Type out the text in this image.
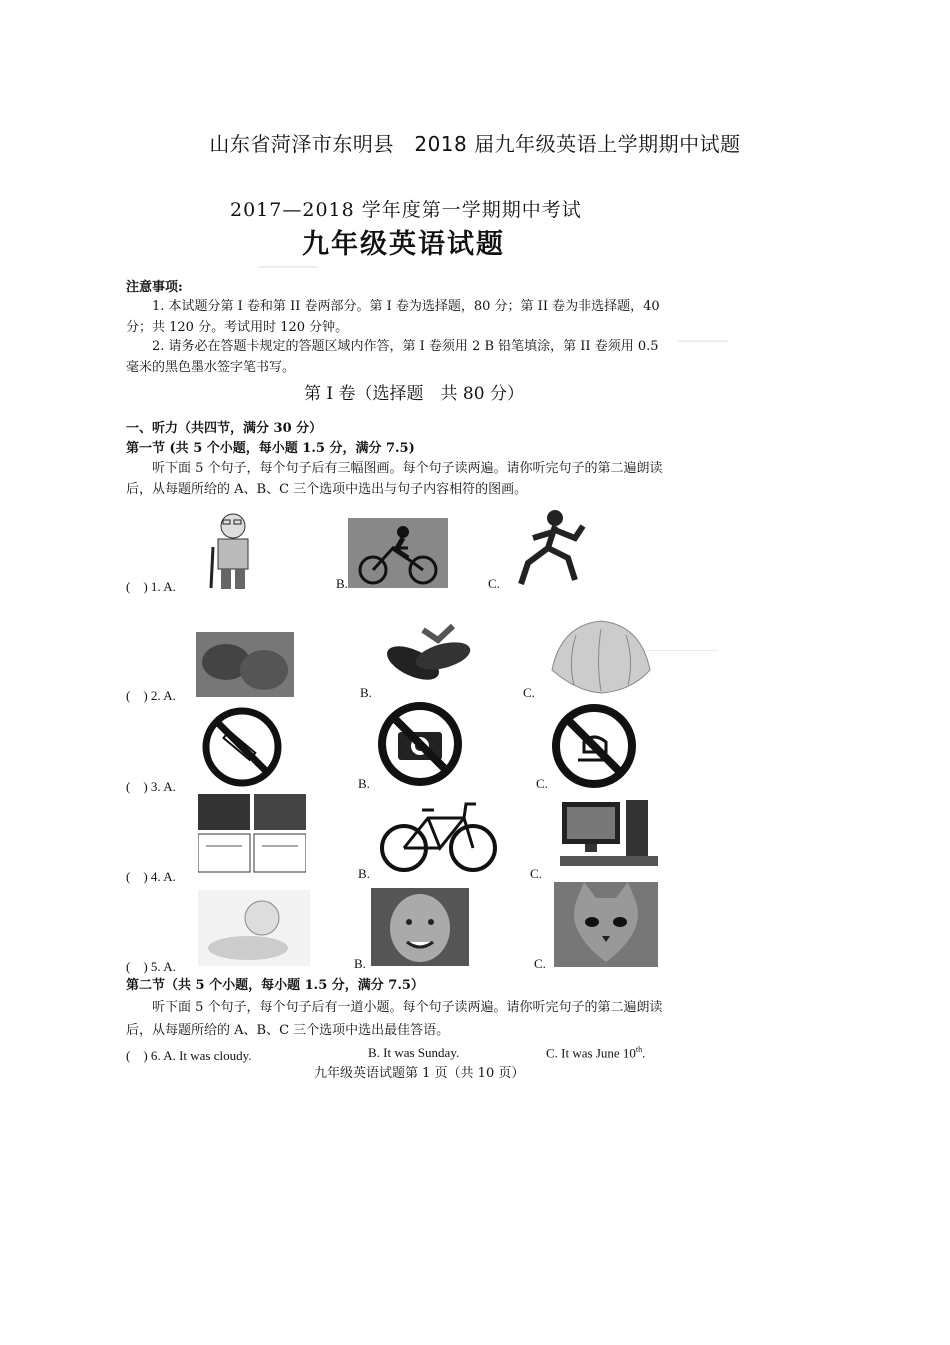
山东省菏泽市东明县　2018 届九年级英语上学期期中试题
2017—2018 学年度第一学期期中考试
九年级英语试题
注意事项:
1. 本试题分第 I 卷和第 II 卷两部分。第 I 卷为选择题，80 分；第 II 卷为非选择题，40
分；共 120 分。考试用时 120 分钟。
2. 请务必在答题卡规定的答题区域内作答，第 I 卷须用 2 B 铅笔填涂，第 II 卷须用 0.5
毫米的黑色墨水签字笔书写。
第 I 卷（选择题　共 80 分）
一、听力（共四节，满分 30 分）
第一节 (共 5 个小题，每小题 1.5 分，满分 7.5)
听下面 5 个句子，每个句子后有三幅图画。每个句子读两遍。请你听完句子的第二遍朗读
后，从每题所给的 A、B、C 三个选项中选出与句子内容相符的图画。
(　) 1. A.	B.	C.
(　) 2. A.	B.	C.
(　) 3. A.	B.	C.
(　) 4. A.	B.	C.
(　) 5. A.	B.	C.
第二节（共 5 个小题，每小题 1.5 分，满分 7.5）
听下面 5 个句子，每个句子后有一道小题。每个句子读两遍。请你听完句子的第二遍朗读
后，从每题所给的 A、B、C 三个选项中选出最佳答语。
(　) 6. A. It was cloudy.	B. It was Sunday.	C. It was June 10th.
九年级英语试题第 1 页（共 10 页）
